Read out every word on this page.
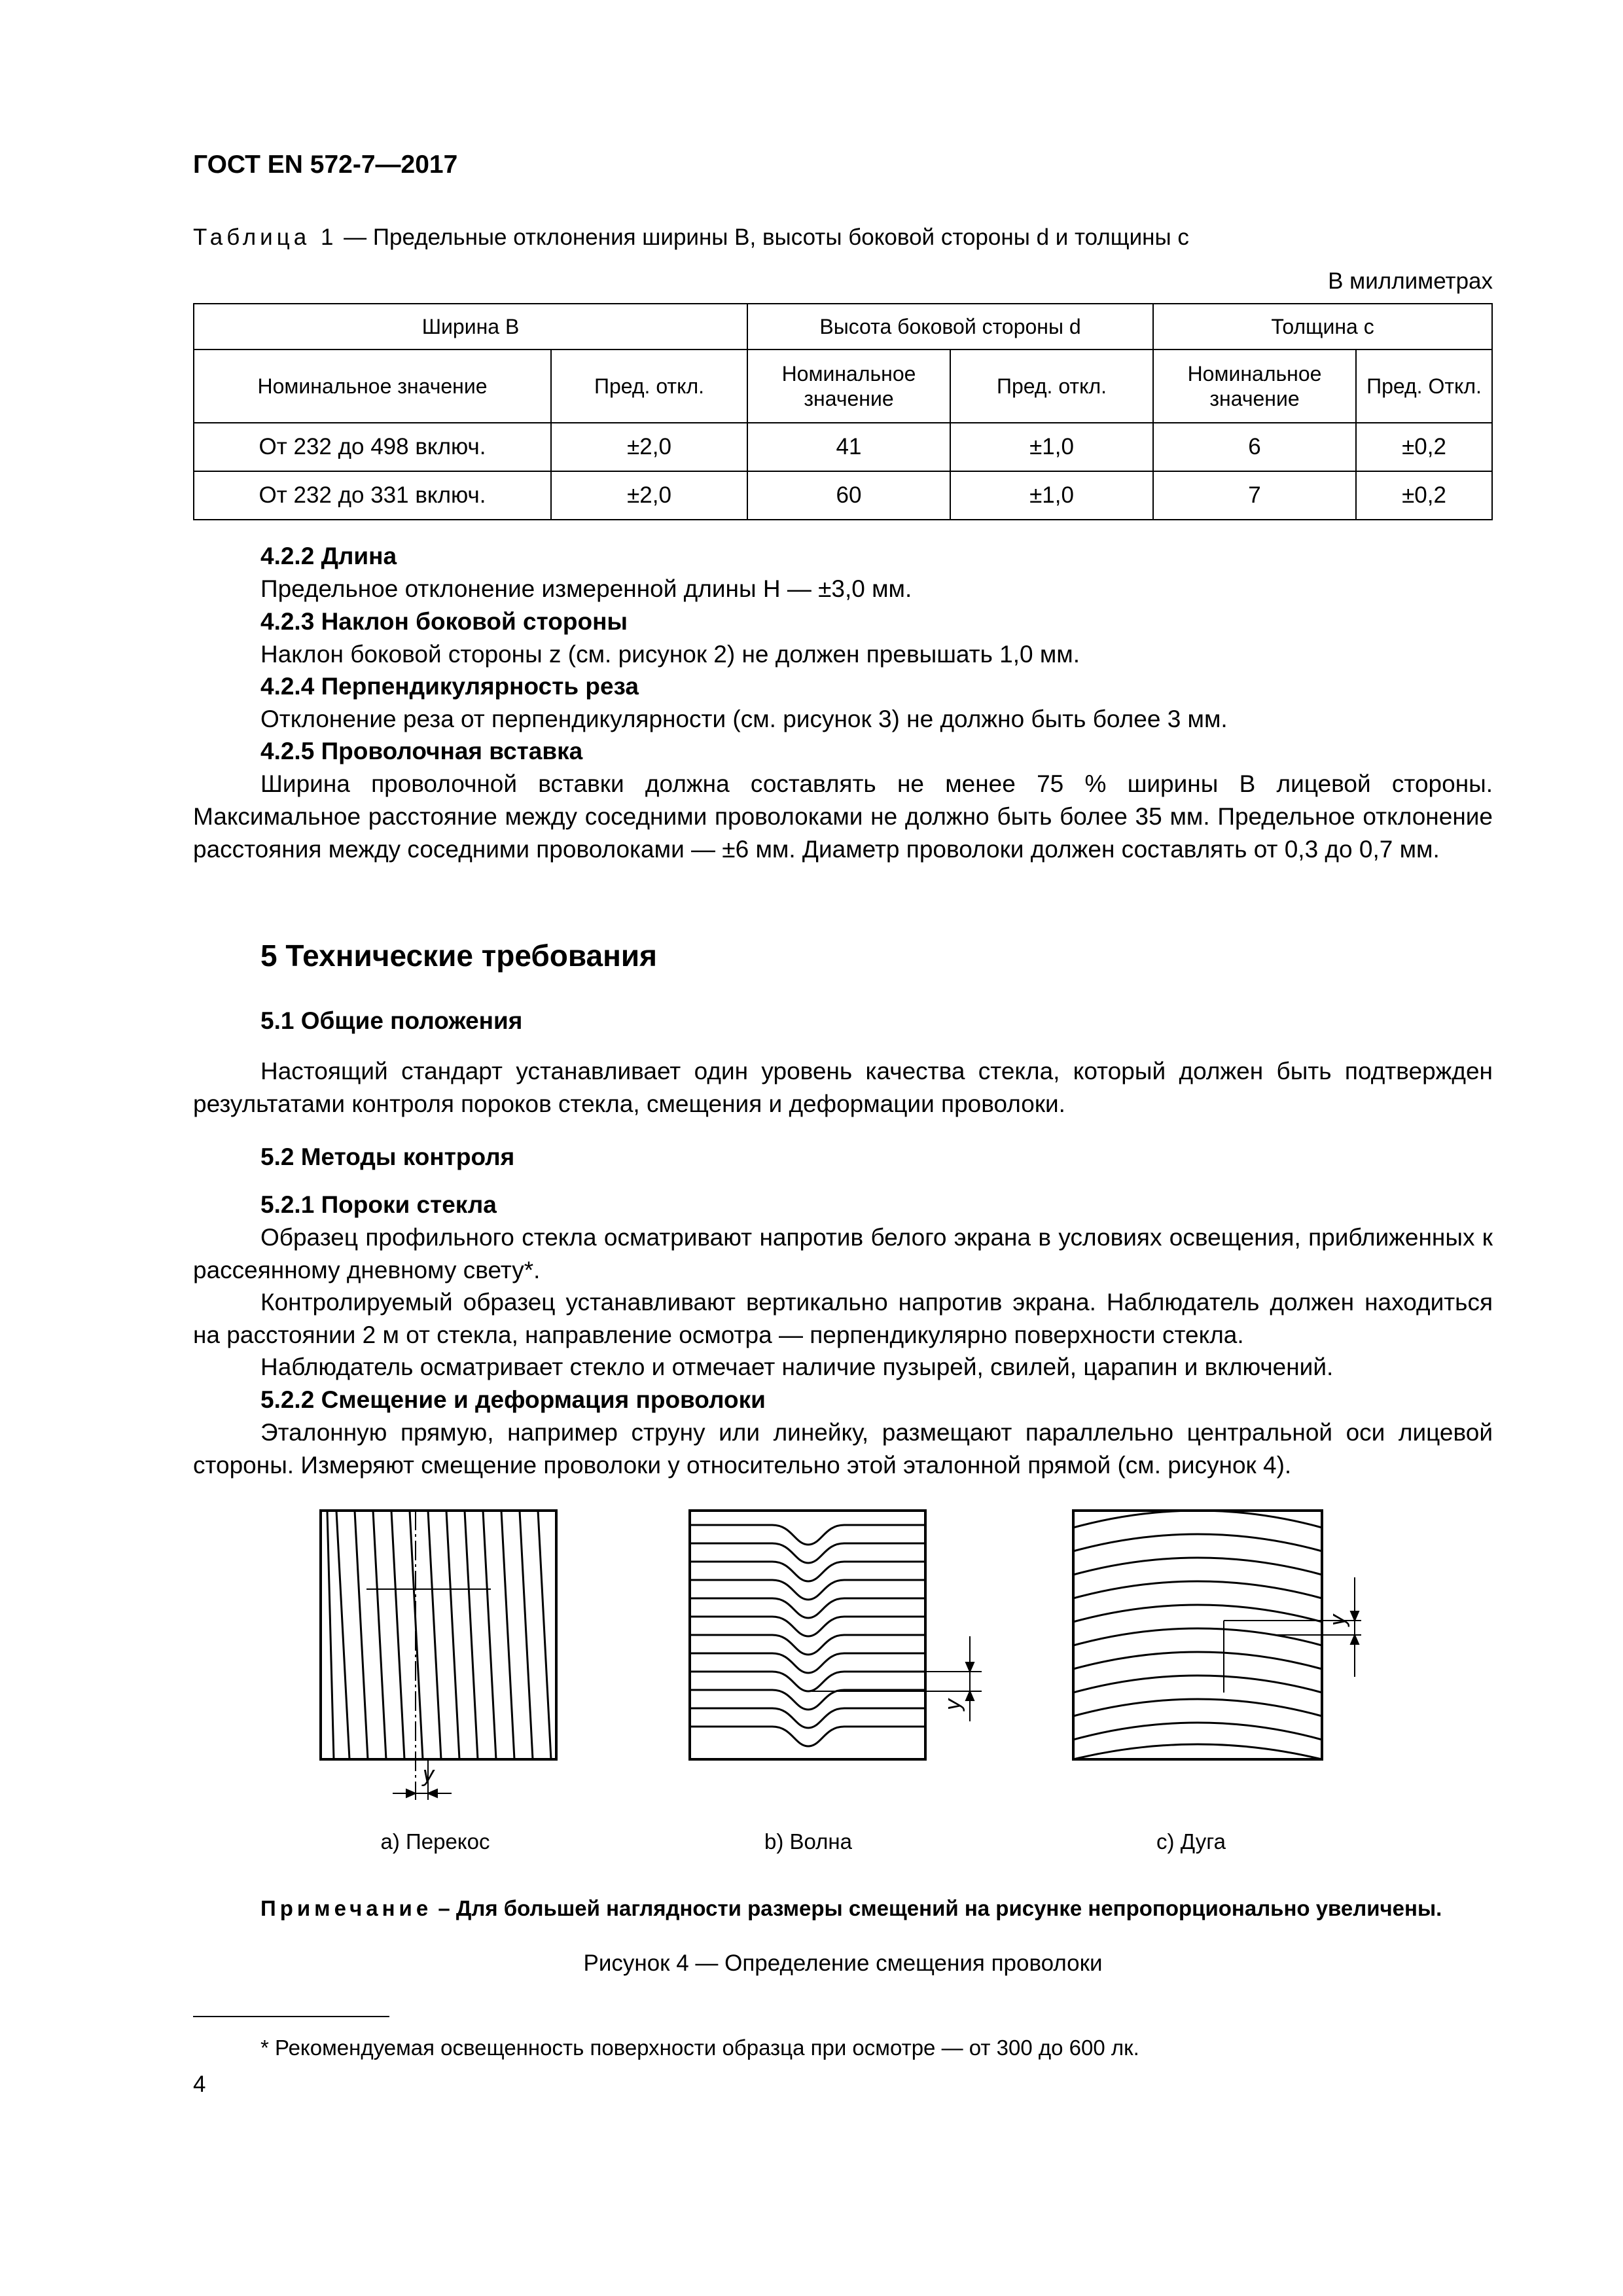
ГОСТ EN 572-7—2017
Таблица 1 — Предельные отклонения ширины B, высоты боковой стороны d и толщины c
В миллиметрах
Ширина B		Высота боковой стороны d		Толщина c	
Номинальное значение	Пред. откл.	Номинальное значение	Пред. откл.	Номинальное значение	Пред. Откл.
От 232 до 498 включ.	±2,0	41	±1,0	6	±0,2
От 232 до 331 включ.	±2,0	60	±1,0	7	±0,2
4.2.2 Длина
Предельное отклонение измеренной длины H — ±3,0 мм.
4.2.3 Наклон боковой стороны
Наклон боковой стороны z (см. рисунок 2) не должен превышать 1,0 мм.
4.2.4 Перпендикулярность реза
Отклонение реза от перпендикулярности (см. рисунок 3) не должно быть более 3 мм.
4.2.5 Проволочная вставка
Ширина проволочной вставки должна составлять не менее 75 % ширины B лицевой стороны. Максимальное расстояние между соседними проволоками не должно быть более 35 мм. Предельное отклонение расстояния между соседними проволоками — ±6 мм. Диаметр проволоки должен составлять от 0,3 до 0,7 мм.
5 Технические требования
5.1 Общие положения
Настоящий стандарт устанавливает один уровень качества стекла, который должен быть подтвержден результатами контроля пороков стекла, смещения и деформации проволоки.
5.2 Методы контроля
5.2.1 Пороки стекла
Образец профильного стекла осматривают напротив белого экрана в условиях освещения, приближенных к рассеянному дневному свету*.
Контролируемый образец устанавливают вертикально напротив экрана. Наблюдатель должен находиться на расстоянии 2 м от стекла, направление осмотра — перпендикулярно поверхности стекла.
Наблюдатель осматривает стекло и отмечает наличие пузырей, свилей, царапин и включений.
5.2.2 Смещение и деформация проволоки
Эталонную прямую, например струну или линейку, размещают параллельно центральной оси лицевой стороны. Измеряют смещение проволоки y относительно этой эталонной прямой (см. рисунок 4).
y
y
y
a) Перекос	b) Волна	c) Дуга
Примечание – Для большей наглядности размеры смещений на рисунке непропорционально увеличены.
Рисунок 4 — Определение смещения проволоки
* Рекомендуемая освещенность поверхности образца при осмотре — от 300 до 600 лк.
4
